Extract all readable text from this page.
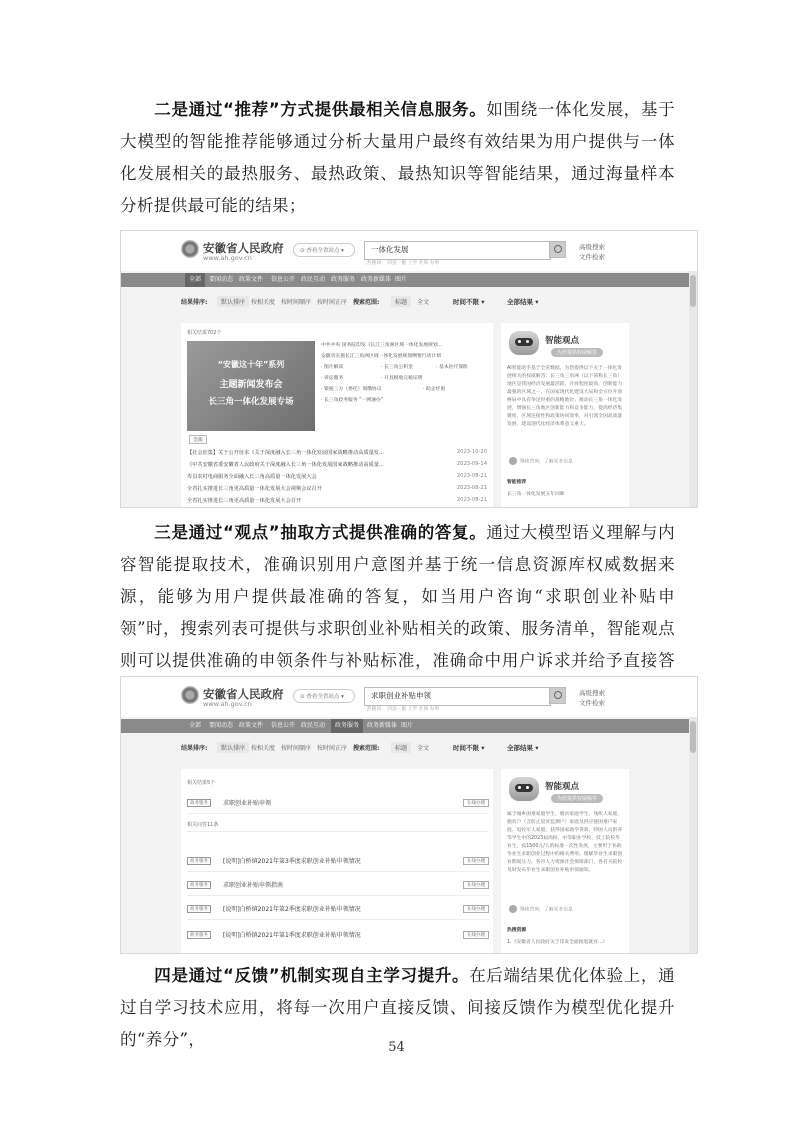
二是通过“推荐”方式提供最相关信息服务。如围绕一体化发展，基于大模型的智能推荐能够通过分析大量用户最终有效结果为用户提供与一体化发展相关的最热服务、最热政策、最热知识等智能结果，通过海量样本分析提供最可能的结果；
安徽省人民政府
www.ah.gov.cn
⊙ 查看全省站点 ▾	一体化发展
热搜词： 四送一服 上学 社保 办事
高级搜索
文件检索
全部	要闻动态 政策文件 信息公开 政民互动 政务服务 政务新媒体 图片
结果排序:	默认排序 按相关度 按时间顺序 按时间正序 搜索范围:	标题	全文	时间不限 ▾	全部结果 ▾
相关结果702个
“安徽这十年”系列
主题新闻发布会
长三角一体化发展专场
中共中央 国务院印发《长江三角洲区域一体化发展规划...
安徽省实施长江三角洲区域一体化发展规划纲要行动计划
· 图片解读	· 长三角公积金	· 基本医疗保险
· 诉讼服务	· 开具税收完税证明
· 银税三方（委托）划缴协议	· 助企纾困
· 长三角政务服务 “一网通办”
全部
【社会征集】关于公开征求《关于深度融入长三角一体化发展国家战略推动高质量发...	2023-10-20
《中共安徽省委安徽省人民政府关于深度融入长三角一体化发展国家战略推动高质量...	2023-09-14
寿县农村电商服务全面融入长三角高质量一体化发展大会	2023-08-21
全省扎实推进长三角更高质量一体化发展大会视频会议召开	2023-08-21
全省扎实推进长三角更高质量一体化发展大会召开	2023-08-21
智能观点
为您提供权威解答
AI智能助手基于全省数据，为您提供以下关于一体化发展相关的权威解答：长三角三角洲（以下简称长三角）地区是我国经济发展最活跃、开放程度最高、创新能力最强的区域之一，在国家现代化建设大局和全方位开放格局中具有举足轻重的战略地位。推动长三角一体化发展，增强长三角地区创新能力和竞争能力，提高经济集聚度、区域连接性和政策协同效率，对引领全国高质量发展、建设现代化经济体系意义重大。
继续咨询，了解更多信息
智能推荐
长三角一体化发展五年回眸
三是通过“观点”抽取方式提供准确的答复。通过大模型语义理解与内容智能提取技术，准确识别用户意图并基于统一信息资源库权威数据来源，能够为用户提供最准确的答复，如当用户咨询“求职创业补贴申领”时，搜索列表可提供与求职创业补贴相关的政策、服务清单，智能观点则可以提供准确的申领条件与补贴标准，准确命中用户诉求并给予直接答
安徽省人民政府
www.ah.gov.cn
⊙ 查看全省站点 ▾	求职创业补贴申领
热搜词： 四送一服 上学 社保 办事
高级搜索
文件检索
全部 要闻动态 政策文件 信息公开 政民互动	政务服务	政务新媒体 图片
结果排序:	默认排序 按相关度 按时间顺序 按时间正序 搜索范围:	标题	全文	时间不限 ▾	全部结果 ▾
相关结果5个
政务服务	求职创业补贴申领	在线办理
相关问答11条
政务服务	[说明]白桥镇2021年第3季度求职创业补贴申领情况	在线办理
政务服务	求职创业补贴申领指南	在线办理
政务服务	[说明]白桥镇2021年第2季度求职创业补贴申领情况	在线办理
政务服务	[说明]白桥镇2021年第1季度求职创业补贴申领情况	在线办理
智能观点
为您提供权威解答
属于城乡困难家庭学生、脱贫家庭学生、残疾人家庭、脱贫户（含防止返贫监测户）家庭及供应链困难户家庭、退役军人家庭、获得国家助学贷款、特困人员供养等学生中的2023届高校、中等职业学校、技工院校毕业生，按1500元/人的标准一次性发放，主要用于补助毕业生求职创业过程中的相关费用。缓解毕业生求职创业期间压力。各市人力资源社会保障部门，各有关院校及时发布毕业生求职创业补贴申领通知。
继续咨询，了解更多信息
热搜资源
1.《安徽省人民政府关于印发全面推进就业...》
四是通过“反馈”机制实现自主学习提升。在后端结果优化体验上，通过自学习技术应用，将每一次用户直接反馈、间接反馈作为模型优化提升的“养分”，	54
